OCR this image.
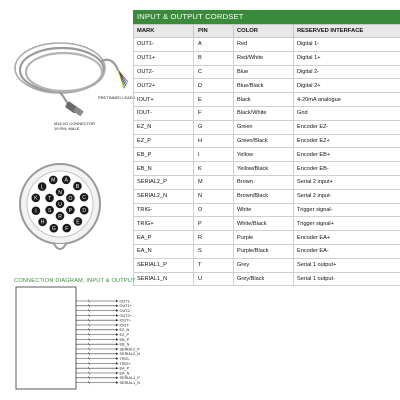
PRETINNED LEADS
M16 I/O CONNECTOR
19 PIN, MALE
A
B
C
D
E
F
G
H
I
K
L
M
N
O
P
R
S
T
U
INPUT & OUTPUT CORDSET
MARK	PIN	COLOR	RESERVED INTERFACE
OUT1-	A	Red	Digital 1-
OUT1+	B	Red/White	Digital 1+
OUT2-	C	Blue	Digital 2-
OUT2+	D	Blue/Black	Digital 2+
IOUT+	E	Black	4-20mA analogue
IOUT-	F	Black/White	Gnd
EZ_N	G	Green	Encoder EZ-
EZ_P	H	Green/Black	Encoder EZ+
EB_P	I	Yellow	Encoder EB+
EB_N	K	Yellow/Black	Encoder EB-
SERIAL2_P	M	Brown	Serial 2 input+
SERIAL2_N	N	Brown/Black	Serial 2 input-
TRIG-	O	White	Trigger signal-
TRIG+	P	White/Black	Trigger signal+
EA_P	R	Purple	Encoder EA+
EA_N	S	Purple/Black	Encoder EA-
SERIAL1_P	T	Grey	Serial 1 output+
SERIAL1_N	U	Grey/Black	Serial 1 output-
CONNECTION DIAGRAM, INPUT & OUTPUT
OUT1-
OUT1+
OUT2-
OUT2+
IOUT+
IOUT-
EZ_N
EZ_P
EB_P
EB_N
SERIAL2_P
SERIAL2_N
TRIG-
TRIG+
EA_P
EA_N
SERIAL1_P
SERIAL1_N
